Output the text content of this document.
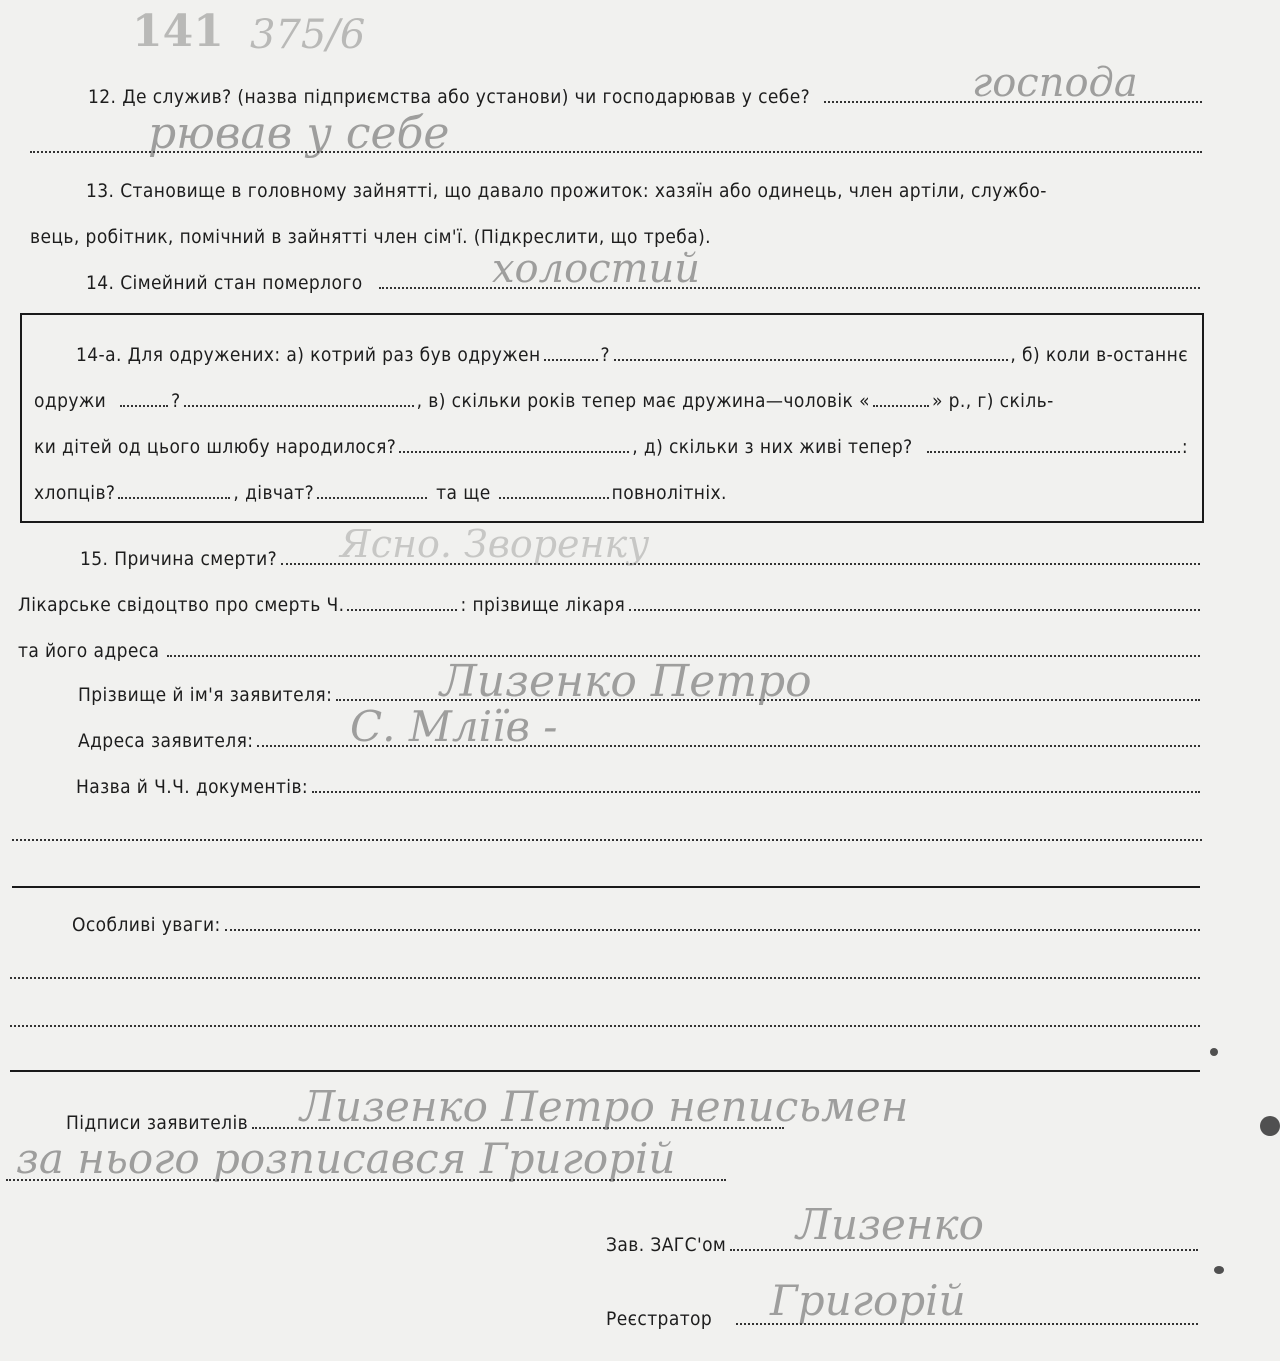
141 375/6
12. Де служив? (назва підприємства або установи) чи господарював у себе?	господа
рював у себе
13. Становище в головному зайнятті, що давало прожиток: хазяїн або одинець, член артіли, службо-
вець, робітник, помічний в зайнятті член сім'ї. (Підкреслити, що треба).
14. Сімейний стан померлого	холостий
14-а. Для одружених: а) котрий раз був одружен	?	, б) коли в-останнє
одружи	?	, в) скільки років тепер має дружина—чоловік «	» р., г) скіль-
ки дітей од цього шлюбу народилося?	, д) скільки з них живі тепер?	:
хлопців?	, дівчат?	та ще	повнолітніх.
15. Причина смерти? Ясно. Зворенку
Лікарське свідоцтво про смерть Ч.	: прізвище лікаря
та його адреса
Прізвище й ім'я заявителя: Лизенко Петро
Адреса заявителя: С. Мліїв -
Назва й Ч.Ч. документів:
Особливі уваги:
Підписи заявителів Лизенко Петро неписьмен
за нього розписався Григорій
Зав. ЗАГС'ом Лизенко
Реєстратор Григорій
